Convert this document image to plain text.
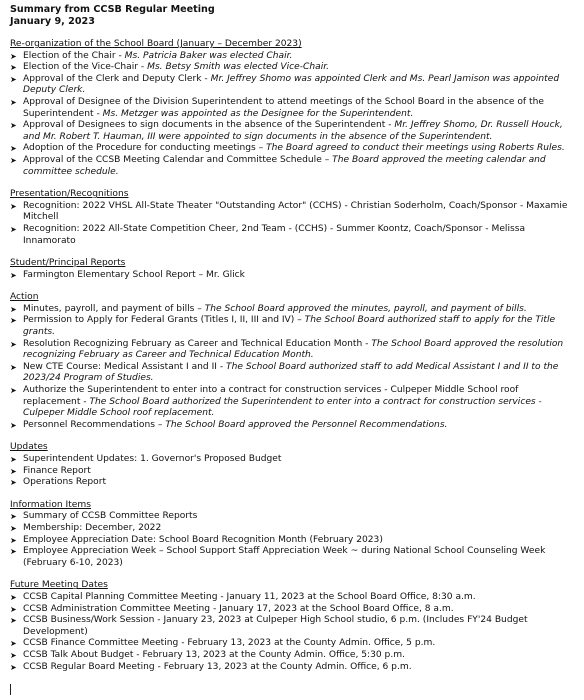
Summary from CCSB Regular Meeting
January 9, 2023
Re-organization of the School Board (January – December 2023)
➤ Election of the Chair - Ms. Patricia Baker was elected Chair.
➤ Election of the Vice-Chair - Ms. Betsy Smith was elected Vice-Chair.
➤ Approval of the Clerk and Deputy Clerk - Mr. Jeffrey Shomo was appointed Clerk and Ms. Pearl Jamison was appointed Deputy Clerk.
➤ Approval of Designee of the Division Superintendent to attend meetings of the School Board in the absence of the Superintendent - Ms. Metzger was appointed as the Designee for the Superintendent.
➤ Approval of Designees to sign documents in the absence of the Superintendent - Mr. Jeffrey Shomo, Dr. Russell Houck, and Mr. Robert T. Hauman, III were appointed to sign documents in the absence of the Superintendent.
➤ Adoption of the Procedure for conducting meetings – The Board agreed to conduct their meetings using Roberts Rules.
➤ Approval of the CCSB Meeting Calendar and Committee Schedule – The Board approved the meeting calendar and committee schedule.
Presentation/Recognitions
➤ Recognition: 2022 VHSL All-State Theater "Outstanding Actor" (CCHS) - Christian Soderholm, Coach/Sponsor - Maxamie Mitchell
➤ Recognition: 2022 All-State Competition Cheer, 2nd Team - (CCHS) - Summer Koontz, Coach/Sponsor - Melissa Innamorato
Student/Principal Reports
➤ Farmington Elementary School Report – Mr. Glick
Action
➤ Minutes, payroll, and payment of bills – The School Board approved the minutes, payroll, and payment of bills.
➤ Permission to Apply for Federal Grants (Titles I, II, III and IV) – The School Board authorized staff to apply for the Title grants.
➤ Resolution Recognizing February as Career and Technical Education Month - The School Board approved the resolution recognizing February as Career and Technical Education Month.
➤ New CTE Course: Medical Assistant I and II - The School Board authorized staff to add Medical Assistant I and II to the 2023/24 Program of Studies.
➤ Authorize the Superintendent to enter into a contract for construction services - Culpeper Middle School roof replacement - The School Board authorized the Superintendent to enter into a contract for construction services - Culpeper Middle School roof replacement.
➤ Personnel Recommendations – The School Board approved the Personnel Recommendations.
Updates
➤ Superintendent Updates: 1. Governor's Proposed Budget
➤ Finance Report
➤ Operations Report
Information Items
➤ Summary of CCSB Committee Reports
➤ Membership: December, 2022
➤ Employee Appreciation Date: School Board Recognition Month (February 2023)
➤ Employee Appreciation Week – School Support Staff Appreciation Week ~ during National School Counseling Week (February 6-10, 2023)
Future Meeting Dates
➤ CCSB Capital Planning Committee Meeting - January 11, 2023 at the School Board Office, 8:30 a.m.
➤ CCSB Administration Committee Meeting - January 17, 2023 at the School Board Office, 8 a.m.
➤ CCSB Business/Work Session - January 23, 2023 at Culpeper High School studio, 6 p.m. (Includes FY'24 Budget Development)
➤ CCSB Finance Committee Meeting - February 13, 2023 at the County Admin. Office, 5 p.m.
➤ CCSB Talk About Budget - February 13, 2023 at the County Admin. Office, 5:30 p.m.
➤ CCSB Regular Board Meeting - February 13, 2023 at the County Admin. Office, 6 p.m.
